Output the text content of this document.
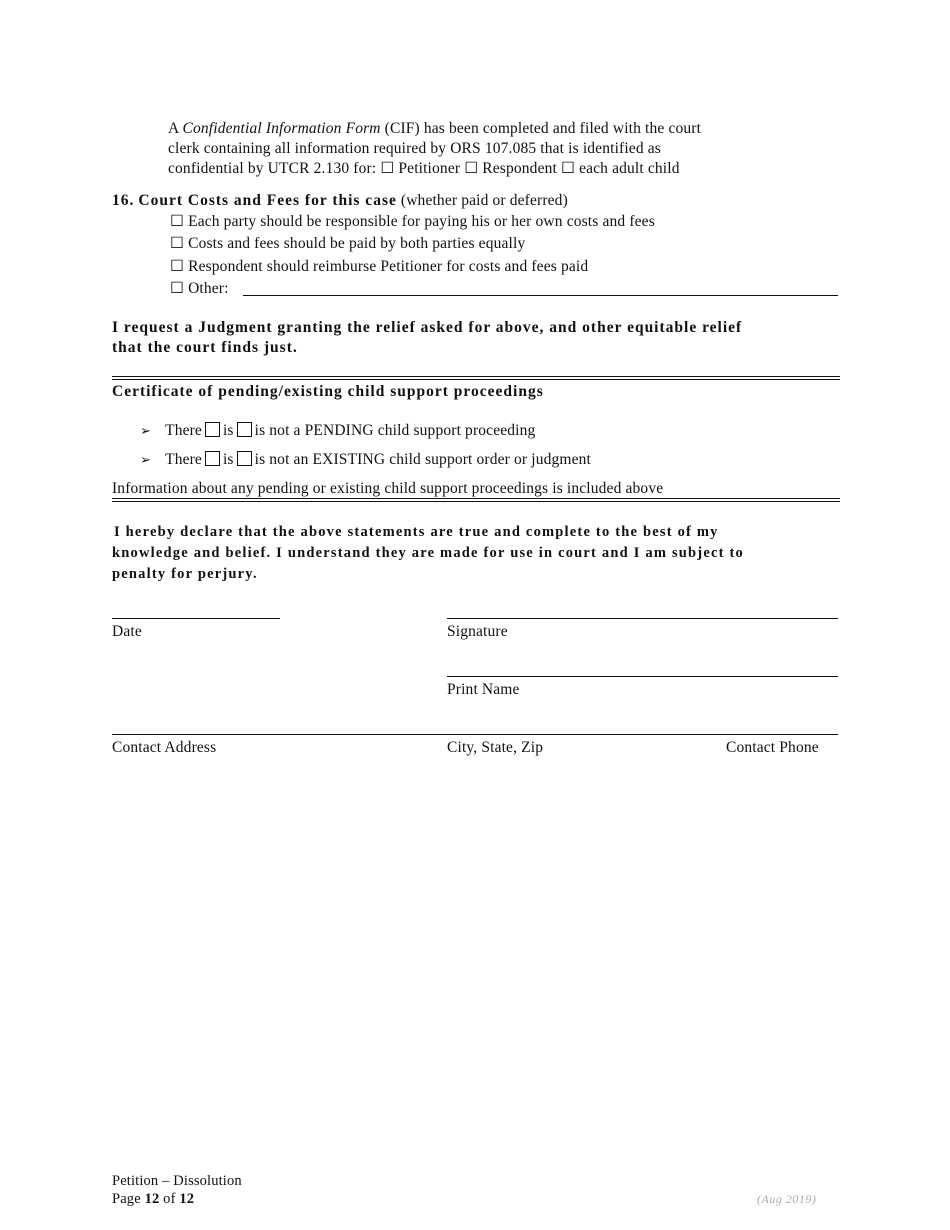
A Confidential Information Form (CIF) has been completed and filed with the court
clerk containing all information required by ORS 107.085 that is identified as
confidential by UTCR 2.130 for: ☐ Petitioner ☐ Respondent ☐ each adult child
16. Court Costs and Fees for this case (whether paid or deferred)
☐ Each party should be responsible for paying his or her own costs and fees
☐ Costs and fees should be paid by both parties equally
☐ Respondent should reimburse Petitioner for costs and fees paid
☐ Other:
I request a Judgment granting the relief asked for above, and other equitable relief
that the court finds just.
Certificate of pending/existing child support proceedings
➢ There is is not a PENDING child support proceeding
➢ There is is not an EXISTING child support order or judgment
Information about any pending or existing child support proceedings is included above
I hereby declare that the above statements are true and complete to the best of my
knowledge and belief. I understand they are made for use in court and I am subject to
penalty for perjury.
Date	Signature
Print Name
Contact Address	City, State, Zip	Contact Phone
Petition – Dissolution
Page 12 of 12	(Aug 2019)
